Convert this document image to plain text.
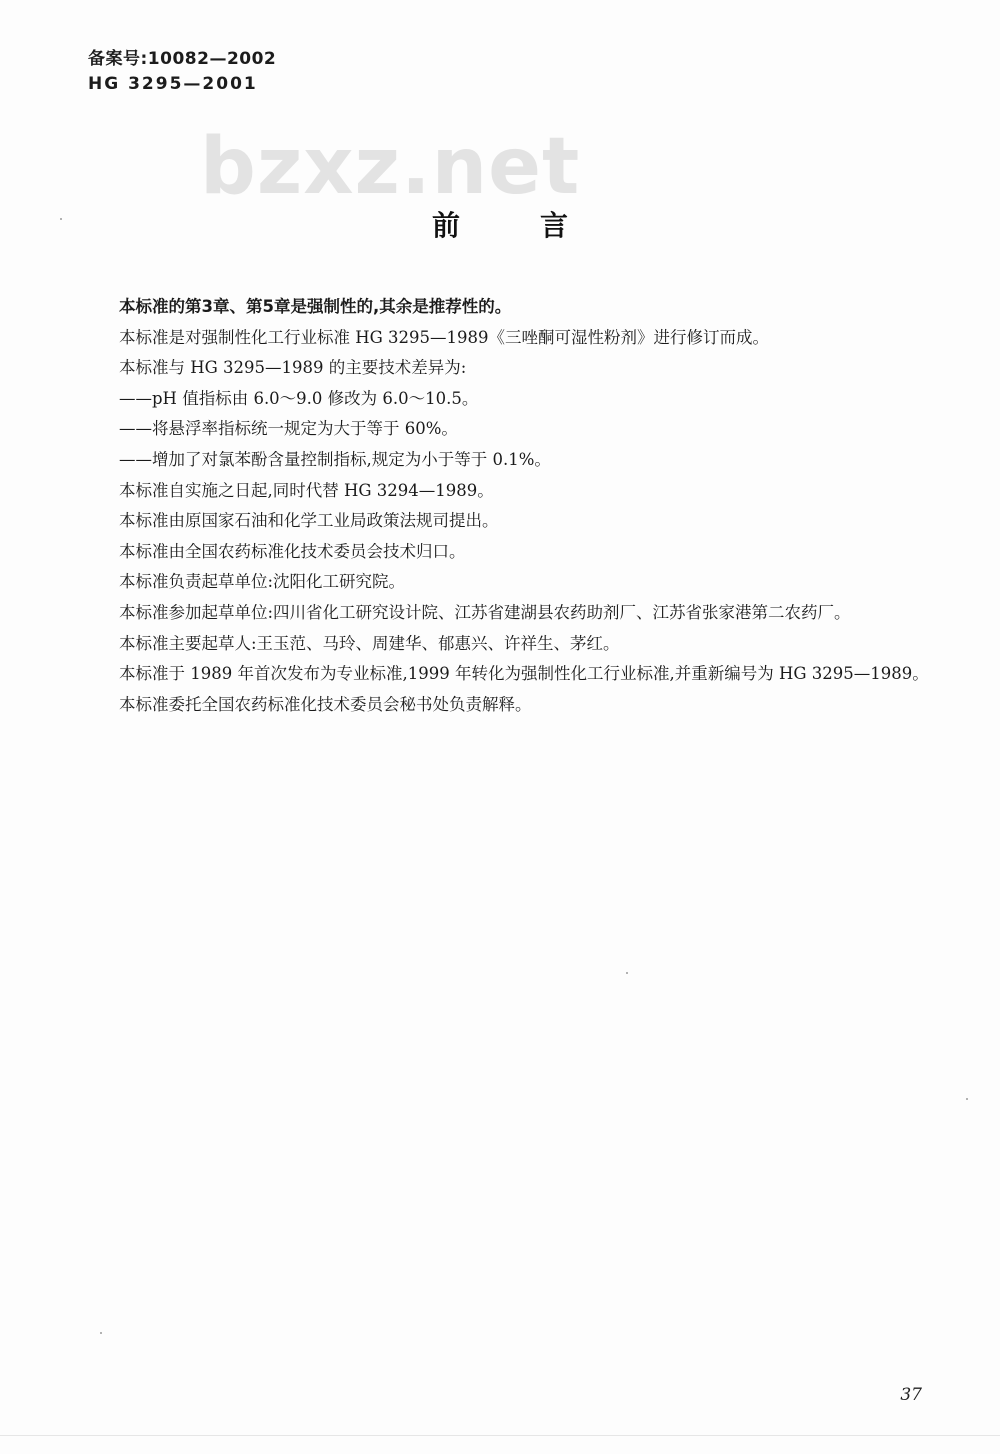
备案号:10082—2002
HG 3295—2001
bzxz.net
前言

本标准的第3章、第5章是强制性的,其余是推荐性的。

本标准是对强制性化工行业标准 HG 3295—1989《三唑酮可湿性粉剂》进行修订而成。

本标准与 HG 3295—1989 的主要技术差异为:

——pH 值指标由 6.0～9.0 修改为 6.0～10.5。

——将悬浮率指标统一规定为大于等于 60%。

——增加了对氯苯酚含量控制指标,规定为小于等于 0.1%。

本标准自实施之日起,同时代替 HG 3294—1989。

本标准由原国家石油和化学工业局政策法规司提出。

本标准由全国农药标准化技术委员会技术归口。

本标准负责起草单位:沈阳化工研究院。

本标准参加起草单位:四川省化工研究设计院、江苏省建湖县农药助剂厂、江苏省张家港第二农药厂。

本标准主要起草人:王玉范、马玲、周建华、郁惠兴、许祥生、茅红。

本标准于 1989 年首次发布为专业标准,1999 年转化为强制性化工行业标准,并重新编号为 HG 3295—1989。

本标准委托全国农药标准化技术委员会秘书处负责解释。

37
